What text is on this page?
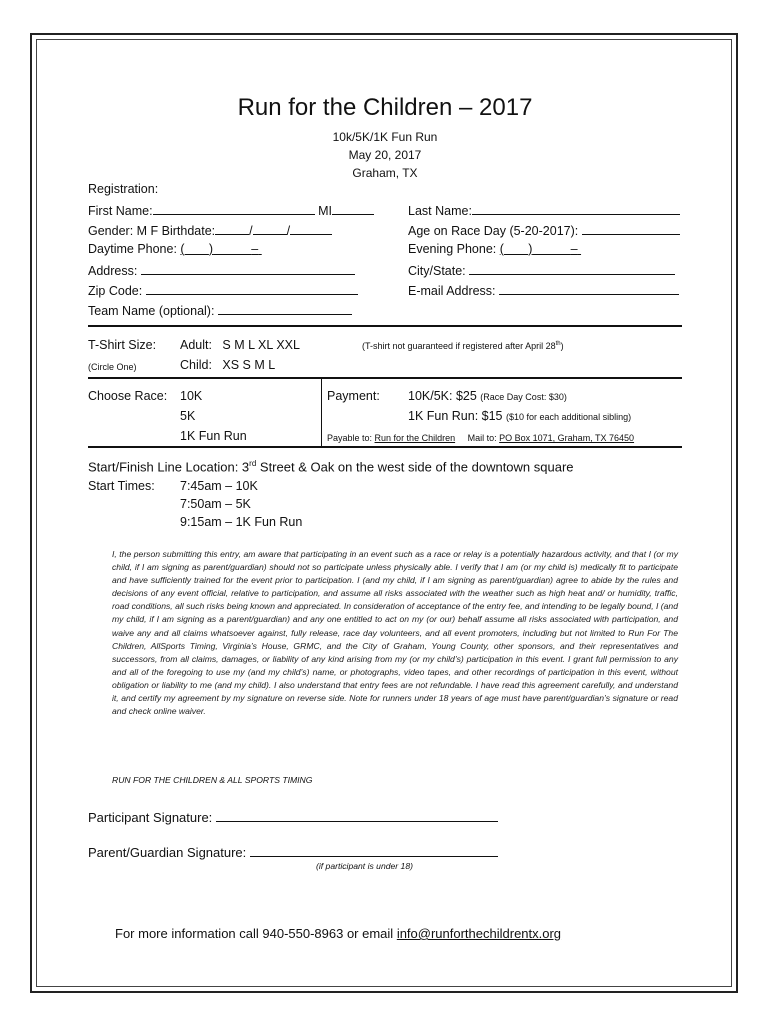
Run for the Children – 2017
10k/5K/1K Fun Run
May 20, 2017
Graham, TX
Registration:
First Name:	MI	Last Name:
Gender: M F Birthdate:	/	/	Age on Race Day (5-20-2017):
Daytime Phone: ( )	–	Evening Phone: ( )	–
Address:	City/State:
Zip Code:	E-mail Address:
Team Name (optional):
T-Shirt Size:
(Circle One)
Adult: S M L XL XXL
Child: XS S M L
(T-shirt not guaranteed if registered after April 28th)
Choose Race: 10K
5K
1K Fun Run
Payment: 10K/5K: $25 (Race Day Cost: $30)
1K Fun Run: $15 ($10 for each additional sibling)
Payable to: Run for the Children Mail to: PO Box 1071, Graham, TX 76450
Start/Finish Line Location: 3rd Street & Oak on the west side of the downtown square
Start Times: 7:45am – 10K
7:50am – 5K
9:15am – 1K Fun Run
I, the person submitting this entry, am aware that participating in an event such as a race or relay is a potentially hazardous activity, and that I (or my child, if I am signing as parent/guardian) should not so participate unless physically able. I verify that I am (or my child is) medically fit to participate and have sufficiently trained for the event prior to participation. I (and my child, if I am signing as parent/guardian) agree to abide by the rules and decisions of any event official, relative to participation, and assume all risks associated with the weather such as high heat and/ or humidity, traffic, road conditions, all such risks being known and appreciated. In consideration of acceptance of the entry fee, and intending to be legally bound, I (and my child, if I am signing as a parent/guardian) and any one entitled to act on my (or our) behalf assume all risks associated with participation, and waive any and all claims whatsoever against, fully release, race day volunteers, and all event promoters, including but not limited to Run For The Children, AllSports Timing, Virginia’s House, GRMC, and the City of Graham, Young County, other sponsors, and their representatives and successors, from all claims, damages, or liability of any kind arising from my (or my child’s) participation in this event. I grant full permission to any and all of the foregoing to use my (and my child’s) name, or photographs, video tapes, and other recordings of participation in this event, without obligation or liability to me (and my child). I also understand that entry fees are not refundable. I have read this agreement carefully, and understand it, and certify my agreement by my signature on reverse side. Note for runners under 18 years of age must have parent/guardian’s signature or read and check online waiver.
RUN FOR THE CHILDREN & ALL SPORTS TIMING
Participant Signature:
Parent/Guardian Signature:
(if participant is under 18)
For more information call 940-550-8963 or email info@runforthechildrentx.org
